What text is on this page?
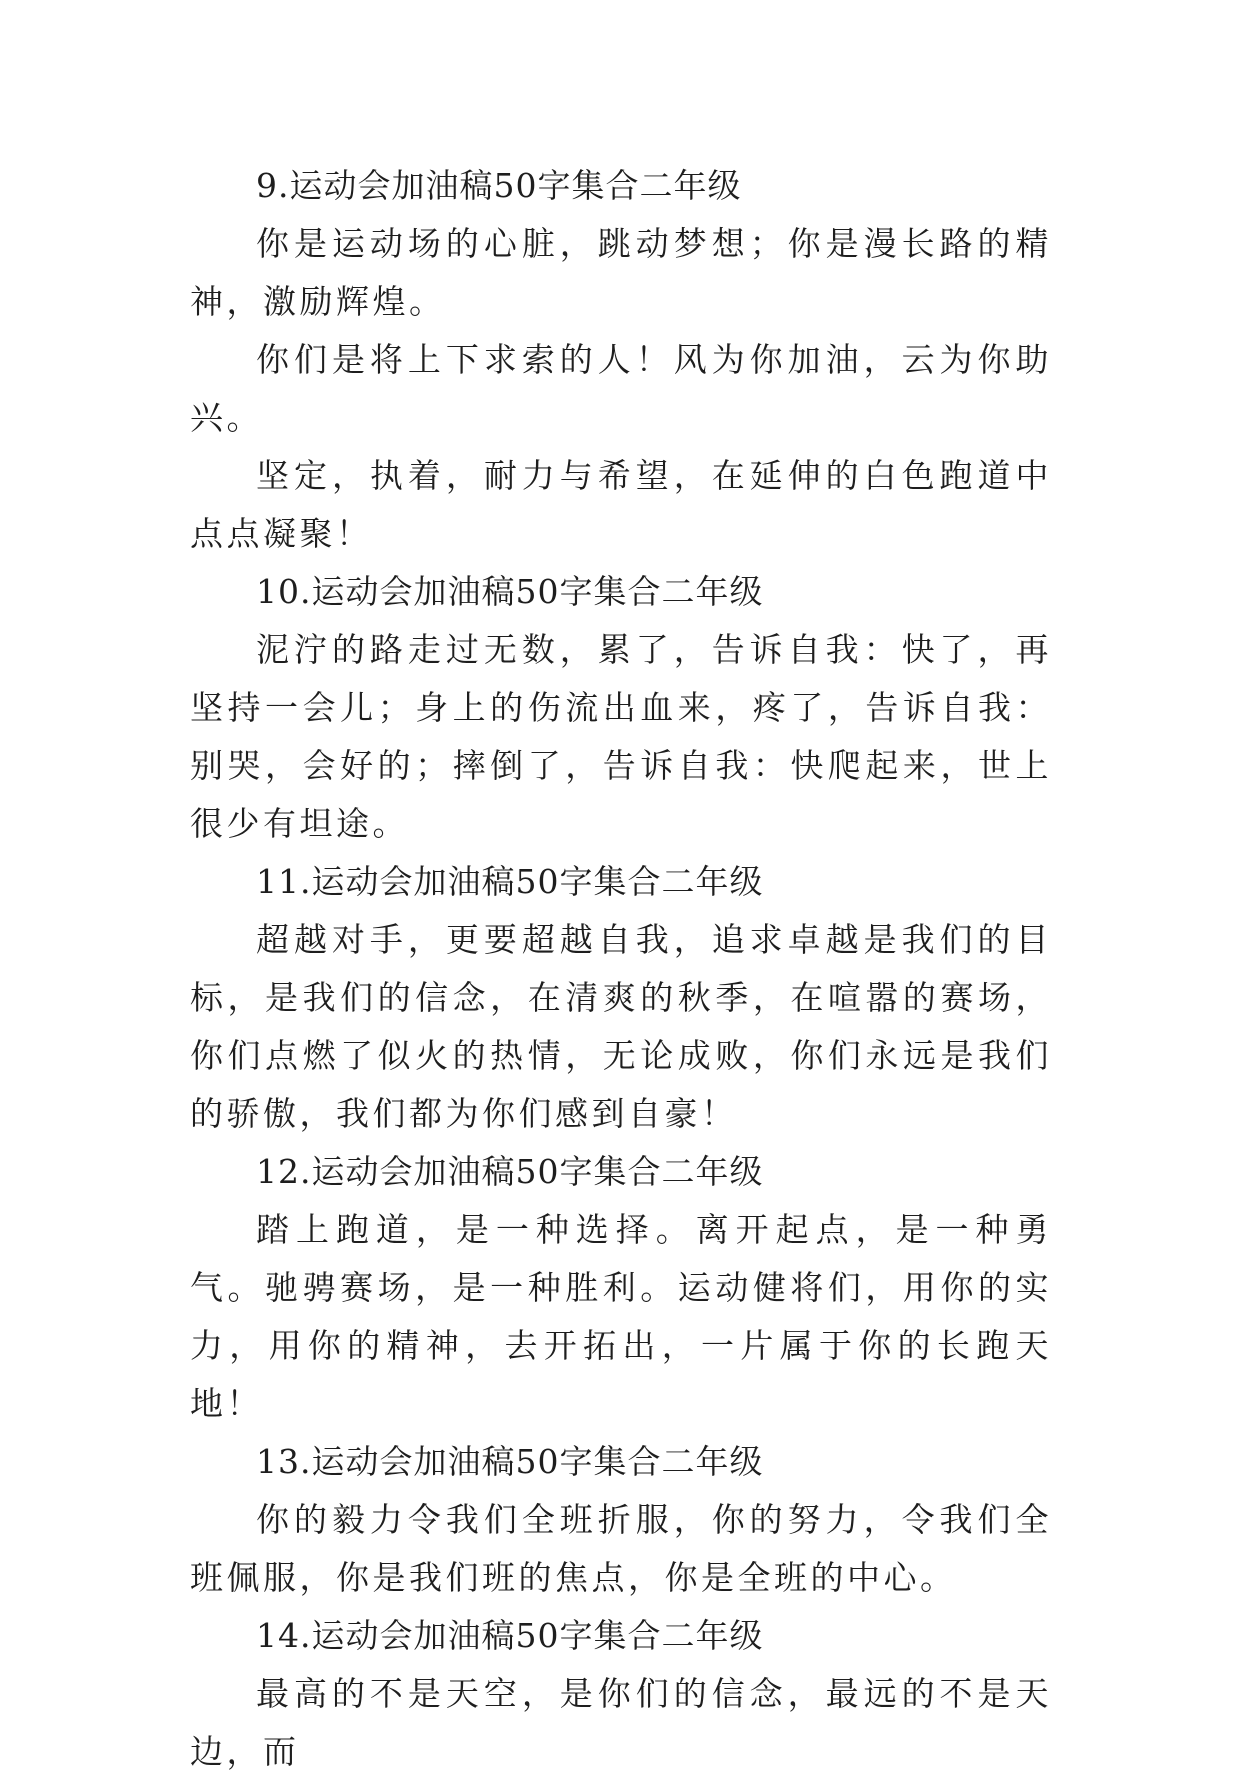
9.运动会加油稿50字集合二年级

你是运动场的心脏，跳动梦想；你是漫长路的精神，激励辉煌。

你们是将上下求索的人！风为你加油，云为你助兴。

坚定，执着，耐力与希望，在延伸的白色跑道中点点凝聚！

10.运动会加油稿50字集合二年级

泥泞的路走过无数，累了，告诉自我：快了，再坚持一会儿；身上的伤流出血来，疼了，告诉自我：别哭，会好的；摔倒了，告诉自我：快爬起来，世上很少有坦途。

11.运动会加油稿50字集合二年级

超越对手，更要超越自我，追求卓越是我们的目标，是我们的信念，在清爽的秋季，在喧嚣的赛场，你们点燃了似火的热情，无论成败，你们永远是我们的骄傲，我们都为你们感到自豪！

12.运动会加油稿50字集合二年级

踏上跑道，是一种选择。离开起点，是一种勇气。驰骋赛场，是一种胜利。运动健将们，用你的实力，用你的精神，去开拓出，一片属于你的长跑天地！

13.运动会加油稿50字集合二年级

你的毅力令我们全班折服，你的努力，令我们全班佩服，你是我们班的焦点，你是全班的中心。

14.运动会加油稿50字集合二年级

最高的不是天空，是你们的信念，最远的不是天边，而
